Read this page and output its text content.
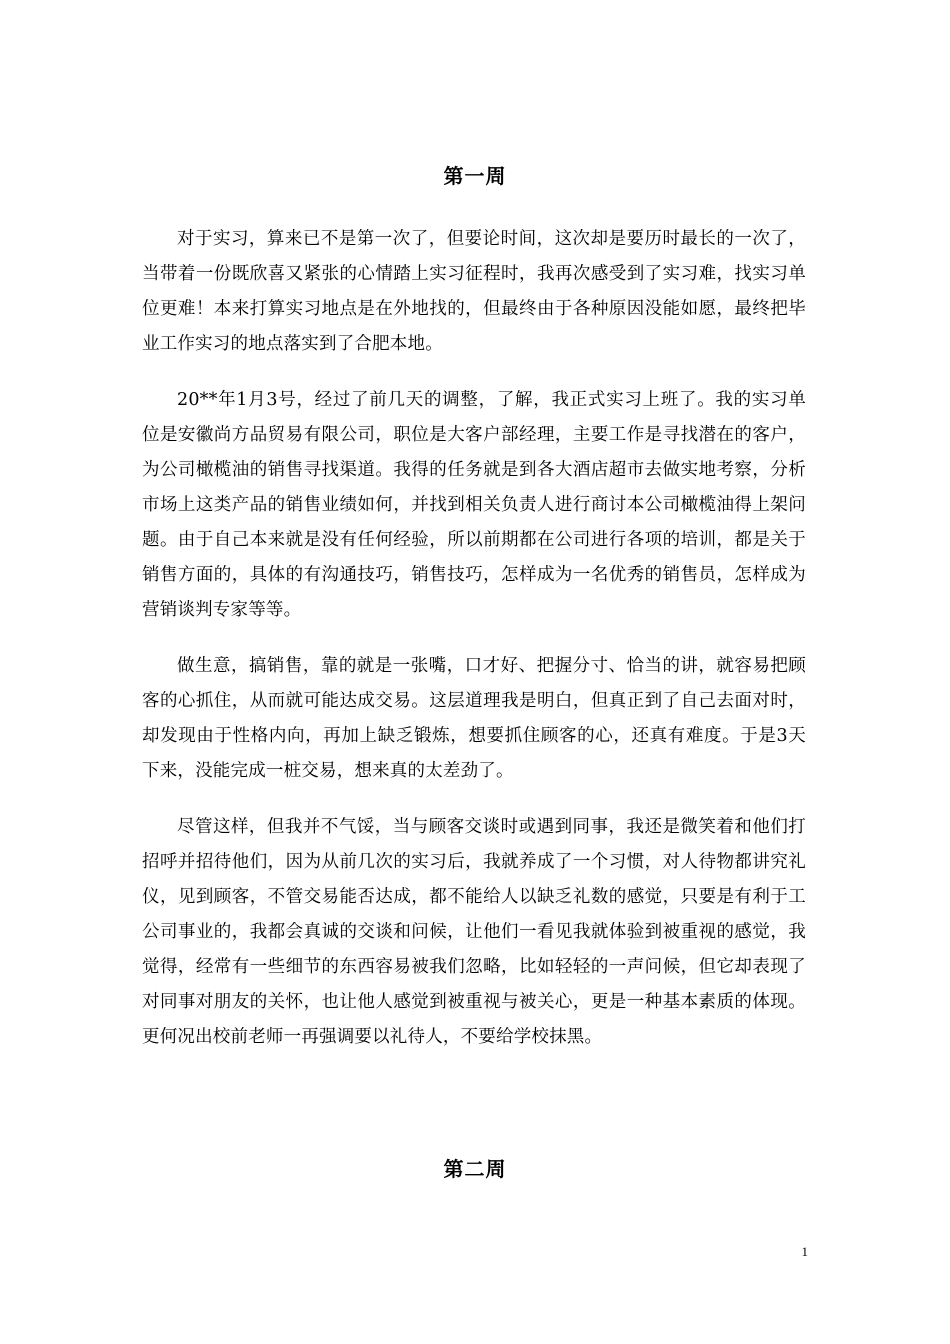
第一周

对于实习，算来已不是第一次了，但要论时间，这次却是要历时最长的一次了，当带着一份既欣喜又紧张的心情踏上实习征程时，我再次感受到了实习难，找实习单位更难！本来打算实习地点是在外地找的，但最终由于各种原因没能如愿，最终把毕业工作实习的地点落实到了合肥本地。

20**年1月3号，经过了前几天的调整，了解，我正式实习上班了。我的实习单位是安徽尚方品贸易有限公司，职位是大客户部经理，主要工作是寻找潜在的客户，为公司橄榄油的销售寻找渠道。我得的任务就是到各大酒店超市去做实地考察，分析市场上这类产品的销售业绩如何，并找到相关负责人进行商讨本公司橄榄油得上架问题。由于自己本来就是没有任何经验，所以前期都在公司进行各项的培训，都是关于销售方面的，具体的有沟通技巧，销售技巧，怎样成为一名优秀的销售员，怎样成为营销谈判专家等等。

做生意，搞销售，靠的就是一张嘴，口才好、把握分寸、恰当的讲，就容易把顾客的心抓住，从而就可能达成交易。这层道理我是明白，但真正到了自己去面对时，却发现由于性格内向，再加上缺乏锻炼，想要抓住顾客的心，还真有难度。于是3天下来，没能完成一桩交易，想来真的太差劲了。

尽管这样，但我并不气馁，当与顾客交谈时或遇到同事，我还是微笑着和他们打招呼并招待他们，因为从前几次的实习后，我就养成了一个习惯，对人待物都讲究礼仪，见到顾客，不管交易能否达成，都不能给人以缺乏礼数的感觉，只要是有利于工公司事业的，我都会真诚的交谈和问候，让他们一看见我就体验到被重视的感觉，我觉得，经常有一些细节的东西容易被我们忽略，比如轻轻的一声问候，但它却表现了对同事对朋友的关怀，也让他人感觉到被重视与被关心，更是一种基本素质的体现。更何况出校前老师一再强调要以礼待人，不要给学校抹黑。

第二周
1
